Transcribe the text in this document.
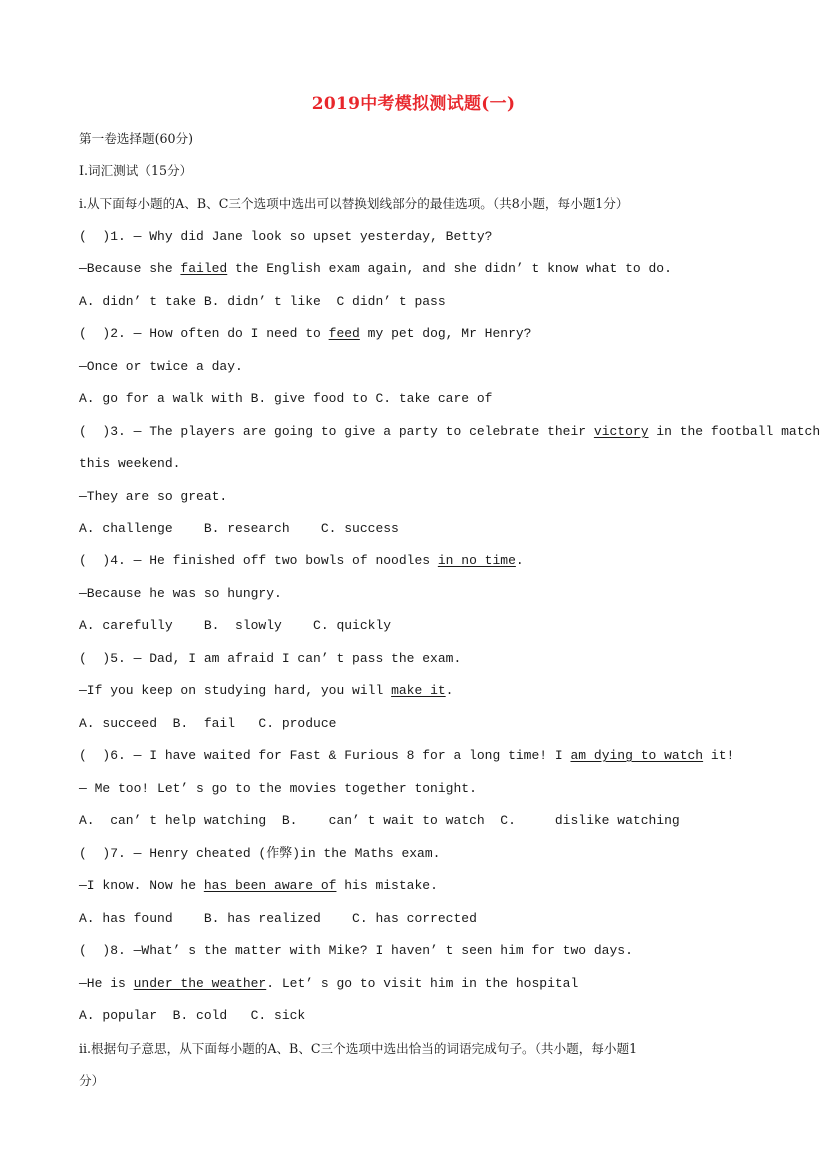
2019中考模拟测试题(一)
第一卷选择题(60分)
I.词汇测试（15分）
i.从下面每小题的A、B、C三个选项中选出可以替换划线部分的最佳选项。（共8小题，每小题1分）
(  )1. — Why did Jane look so upset yesterday, Betty?
—Because she failed the English exam again, and she didn’ t know what to do.
A. didn’ t take B. didn’ t like  C didn’ t pass
(  )2. — How often do I need to feed my pet dog, Mr Henry?
—Once or twice a day.
A. go for a walk with B. give food to C. take care of
(  )3. — The players are going to give a party to celebrate their victory in the football match
this weekend.
—They are so great.
A. challenge    B. research    C. success
(  )4. — He finished off two bowls of noodles in no time.
—Because he was so hungry.
A. carefully    B.  slowly    C. quickly
(  )5. — Dad, I am afraid I can’ t pass the exam.
—If you keep on studying hard, you will make it.
A. succeed  B.  fail   C. produce
(  )6. — I have waited for Fast & Furious 8 for a long time! I am dying to watch it!
— Me too! Let’ s go to the movies together tonight.
A.  can’ t help watching  B.    can’ t wait to watch  C.     dislike watching
(  )7. — Henry cheated (作弊)in the Maths exam.
—I know. Now he has been aware of his mistake.
A. has found    B. has realized    C. has corrected
(  )8. —What’ s the matter with Mike? I haven’ t seen him for two days.
—He is under the weather. Let’ s go to visit him in the hospital
A. popular  B. cold   C. sick
ii.根据句子意思，从下面每小题的A、B、C三个选项中选出恰当的词语完成句子。（共小题，每小题1
分）
